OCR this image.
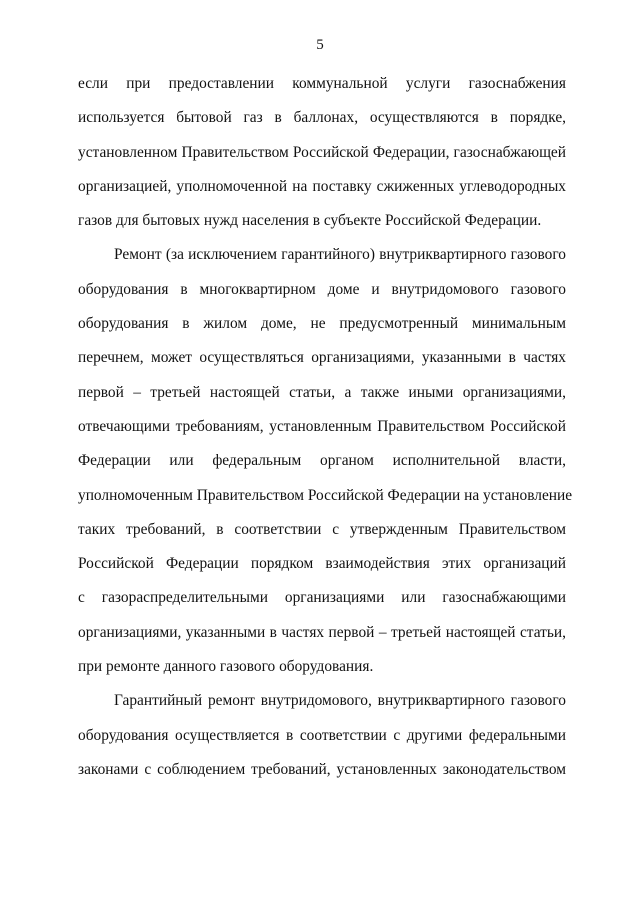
5
если при предоставлении коммунальной услуги газоснабжения
используется бытовой газ в баллонах, осуществляются в порядке,
установленном Правительством Российской Федерации, газоснабжающей
организацией, уполномоченной на поставку сжиженных углеводородных
газов для бытовых нужд населения в субъекте Российской Федерации.
Ремонт (за исключением гарантийного) внутриквартирного газового
оборудования в многоквартирном доме и внутридомового газового
оборудования в жилом доме, не предусмотренный минимальным
перечнем, может осуществляться организациями, указанными в частях
первой – третьей настоящей статьи, а также иными организациями,
отвечающими требованиям, установленным Правительством Российской
Федерации или федеральным органом исполнительной власти,
уполномоченным Правительством Российской Федерации на установление
таких требований, в соответствии с утвержденным Правительством
Российской Федерации порядком взаимодействия этих организаций
с газораспределительными организациями или газоснабжающими
организациями, указанными в частях первой – третьей настоящей статьи,
при ремонте данного газового оборудования.
Гарантийный ремонт внутридомового, внутриквартирного газового
оборудования осуществляется в соответствии с другими федеральными
законами с соблюдением требований, установленных законодательством
